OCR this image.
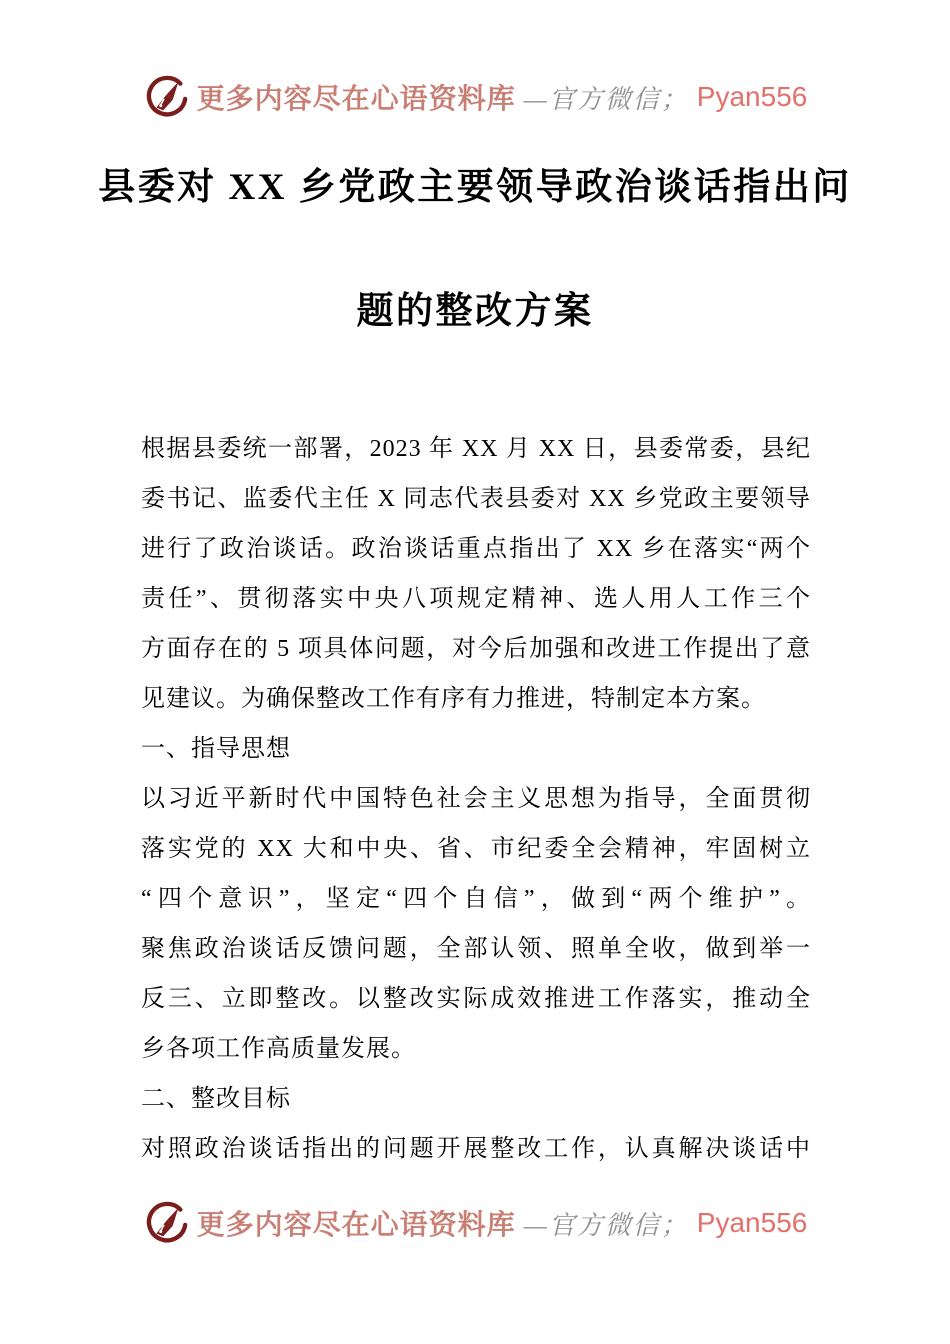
更多内容尽在心语资料库 —官方微信； Pyan556
县委对 XX 乡党政主要领导政治谈话指出问
题的整改方案
根据县委统一部署，2023 年 XX 月 XX 日，县委常委，县纪
委书记、监委代主任 X 同志代表县委对 XX 乡党政主要领导
进行了政治谈话。政治谈话重点指出了 XX 乡在落实“两个
责任”、贯彻落实中央八项规定精神、选人用人工作三个
方面存在的 5 项具体问题，对今后加强和改进工作提出了意
见建议。为确保整改工作有序有力推进，特制定本方案。
一、指导思想
以习近平新时代中国特色社会主义思想为指导，全面贯彻
落实党的 XX 大和中央、省、市纪委全会精神，牢固树立
“四个意识”，坚定“四个自信”，做到“两个维护”。
聚焦政治谈话反馈问题，全部认领、照单全收，做到举一
反三、立即整改。以整改实际成效推进工作落实，推动全
乡各项工作高质量发展。
二、整改目标
对照政治谈话指出的问题开展整改工作，认真解决谈话中
更多内容尽在心语资料库 —官方微信； Pyan556
